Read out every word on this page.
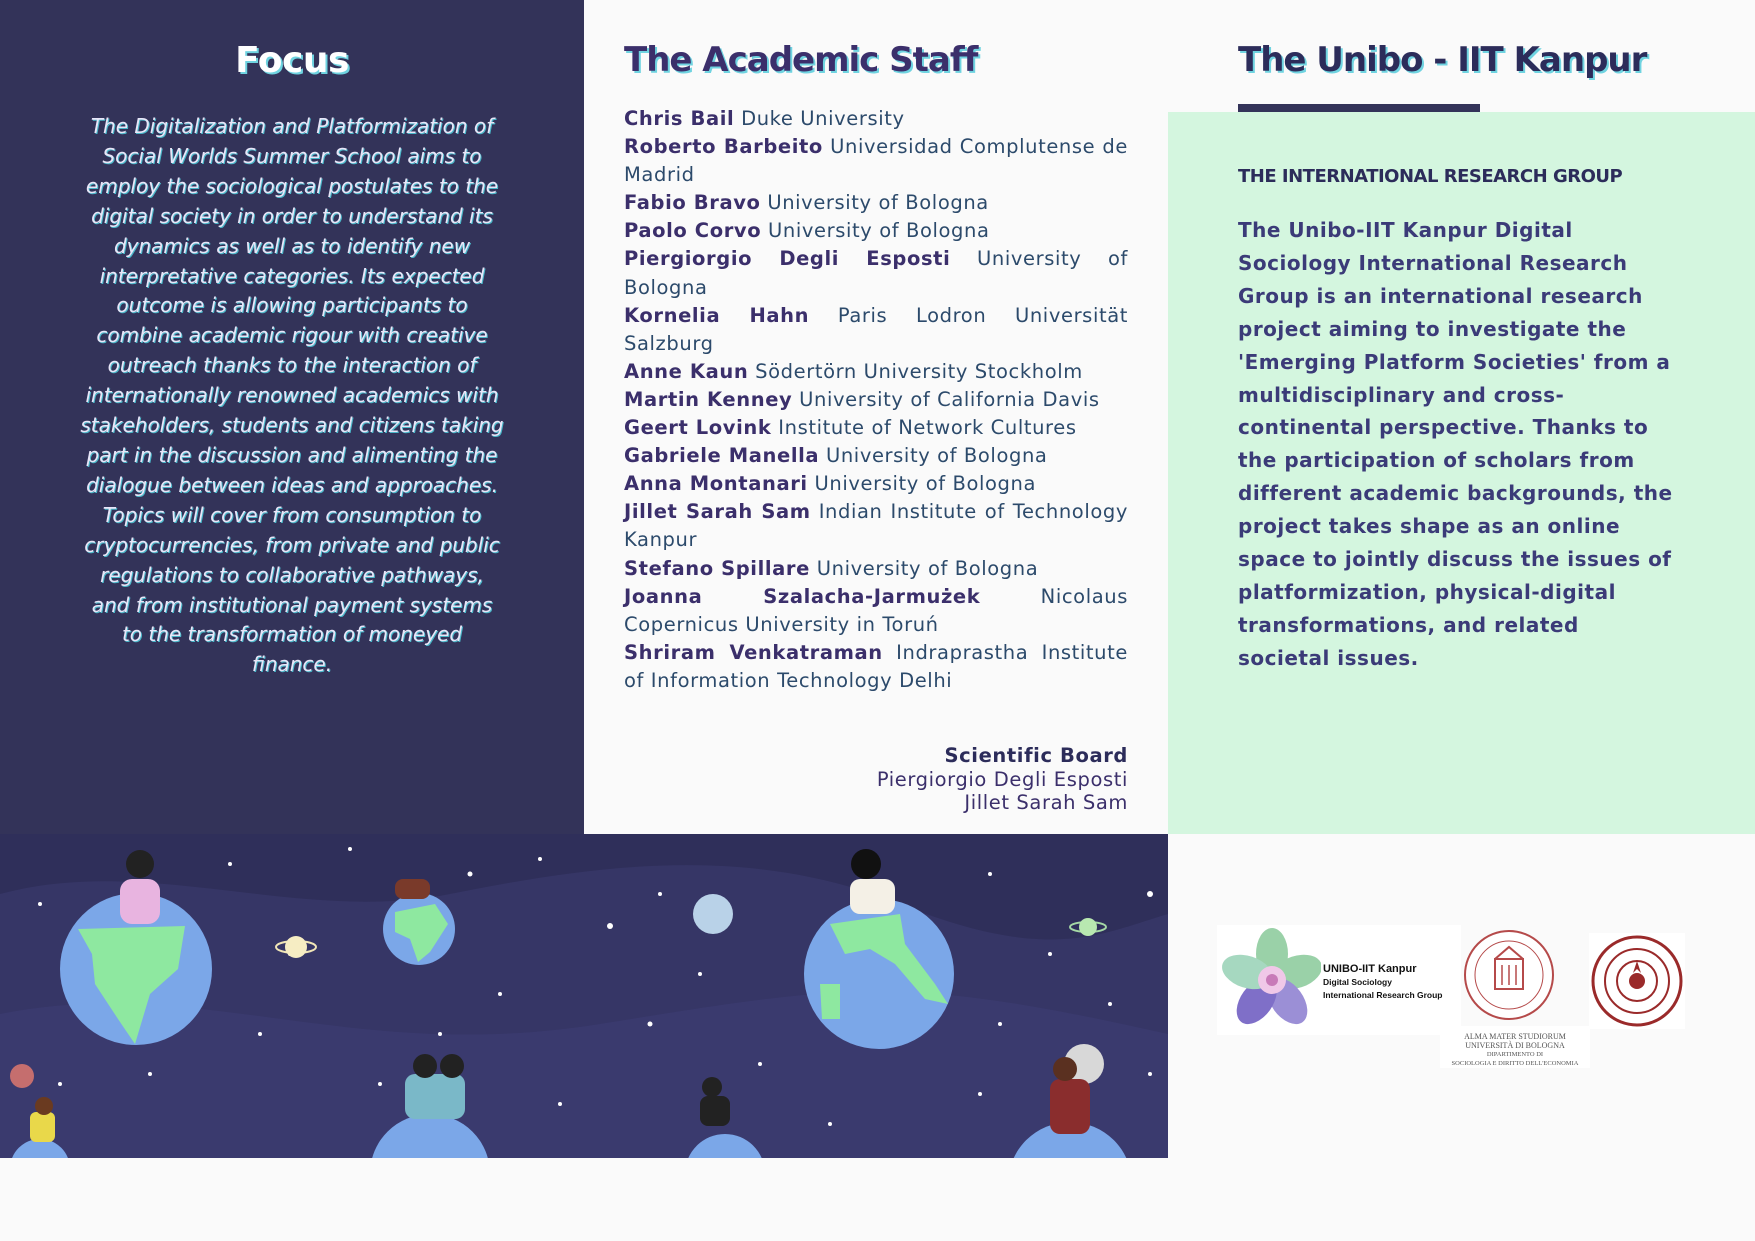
Focus

The Digitalization and Platformization of Social Worlds Summer School aims to employ the sociological postulates to the digital society in order to understand its dynamics as well as to identify new interpretative categories. Its expected outcome is allowing participants to combine academic rigour with creative outreach thanks to the interaction of internationally renowned academics with stakeholders, students and citizens taking part in the discussion and alimenting the dialogue between ideas and approaches. Topics will cover from consumption to cryptocurrencies, from private and public regulations to collaborative pathways, and from institutional payment systems to the transformation of moneyed finance.

The Academic Staff
Chris Bail Duke University
Roberto Barbeito Universidad Complutense de Madrid
Fabio Bravo University of Bologna
Paolo Corvo University of Bologna
Piergiorgio Degli Esposti University of Bologna
Kornelia Hahn Paris Lodron Universität Salzburg
Anne Kaun Södertörn University Stockholm
Martin Kenney University of California Davis
Geert Lovink Institute of Network Cultures
Gabriele Manella University of Bologna
Anna Montanari University of Bologna
Jillet Sarah Sam Indian Institute of Technology Kanpur
Stefano Spillare University of Bologna
Joanna Szalacha-Jarmużek	Nicolaus Copernicus University in Toruń
Shriram Venkatraman Indraprastha Institute of Information Technology Delhi
Scientific Board
Piergiorgio Degli Esposti
Jillet Sarah Sam
The Unibo - IIT Kanpur
THE INTERNATIONAL RESEARCH GROUP

The Unibo-IIT Kanpur Digital Sociology International Research Group is an international research project aiming to investigate the 'Emerging Platform Societies' from a multidisciplinary and cross-continental perspective. Thanks to the participation of scholars from different academic backgrounds, the project takes shape as an online space to jointly discuss the issues of platformization, physical-digital transformations, and related societal issues.

UNIBO-IIT Kanpur
Digital Sociology
International Research Group
ALMA MATER STUDIORUM
UNIVERSITÀ DI BOLOGNA
DIPARTIMENTO DI
SOCIOLOGIA E DIRITTO DELL'ECONOMIA
